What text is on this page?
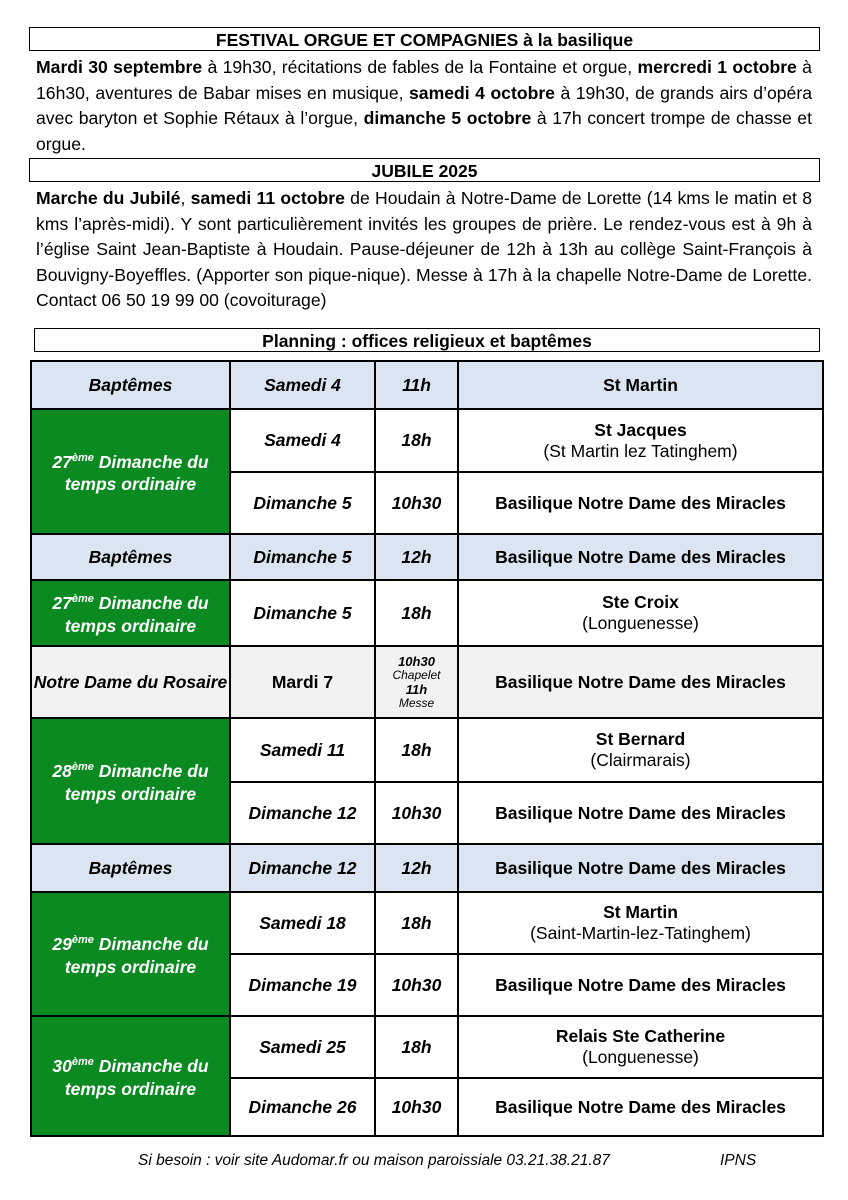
FESTIVAL ORGUE ET COMPAGNIES à la basilique
Mardi 30 septembre à 19h30, récitations de fables de la Fontaine et orgue, mercredi 1 octobre à 16h30, aventures de Babar mises en musique, samedi 4 octobre à 19h30, de grands airs d’opéra avec baryton et Sophie Rétaux à l’orgue, dimanche 5 octobre à 17h concert trompe de chasse et orgue.
JUBILE 2025
Marche du Jubilé, samedi 11 octobre de Houdain à Notre-Dame de Lorette (14 kms le matin et 8 kms l’après-midi). Y sont particulièrement invités les groupes de prière. Le rendez-vous est à 9h à l’église Saint Jean-Baptiste à Houdain. Pause-déjeuner de 12h à 13h au collège Saint-François à Bouvigny-Boyeffles. (Apporter son pique-nique). Messe à 17h à la chapelle Notre-Dame de Lorette. Contact 06 50 19 99 00 (covoiturage)
Planning : offices religieux et baptêmes
Baptêmes	Samedi 4	11h	St Martin
27ème Dimanche du temps ordinaire	Samedi 4	18h	St Jacques
(St Martin lez Tatinghem)

	Dimanche 5	10h30	Basilique Notre Dame des Miracles
Baptêmes	Dimanche 5	12h	Basilique Notre Dame des Miracles
27ème Dimanche du temps ordinaire	Dimanche 5	18h	Ste Croix
(Longuenesse)

Notre Dame du Rosaire	Mardi 7	10h30
Chapelet
11h
Messe	Basilique Notre Dame des Miracles
28ème Dimanche du temps ordinaire	Samedi 11	18h	St Bernard
(Clairmarais)

	Dimanche 12	10h30	Basilique Notre Dame des Miracles
Baptêmes	Dimanche 12	12h	Basilique Notre Dame des Miracles
29ème Dimanche du temps ordinaire	Samedi 18	18h	St Martin
(Saint-Martin-lez-Tatinghem)

	Dimanche 19	10h30	Basilique Notre Dame des Miracles
30ème Dimanche du temps ordinaire	Samedi 25	18h	Relais Ste Catherine
(Longuenesse)

	Dimanche 26	10h30	Basilique Notre Dame des Miracles
Si besoin : voir site Audomar.fr ou maison paroissiale 03.21.38.21.87	IPNS
